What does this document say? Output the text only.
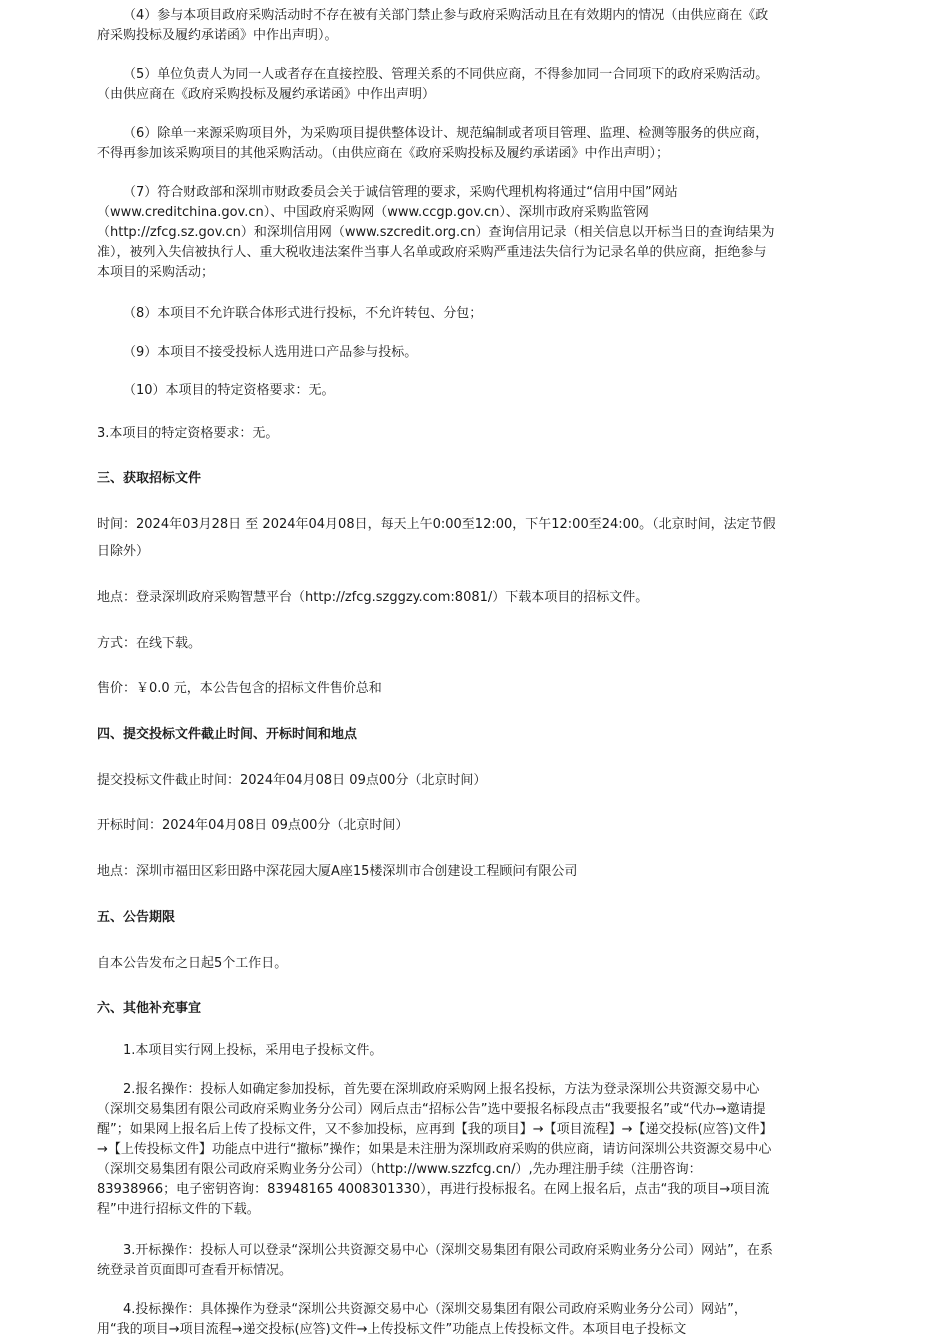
（4）参与本项目政府采购活动时不存在被有关部门禁止参与政府采购活动且在有效期内的情况（由供应商在《政府采购投标及履约承诺函》中作出声明）。
（5）单位负责人为同一人或者存在直接控股、管理关系的不同供应商，不得参加同一合同项下的政府采购活动。（由供应商在《政府采购投标及履约承诺函》中作出声明）
（6）除单一来源采购项目外，为采购项目提供整体设计、规范编制或者项目管理、监理、检测等服务的供应商，不得再参加该采购项目的其他采购活动。（由供应商在《政府采购投标及履约承诺函》中作出声明）；
（7）符合财政部和深圳市财政委员会关于诚信管理的要求，采购代理机构将通过“信用中国”网站（www.creditchina.gov.cn）、中国政府采购网（www.ccgp.gov.cn）、深圳市政府采购监管网（http://zfcg.sz.gov.cn）和深圳信用网（www.szcredit.org.cn）查询信用记录（相关信息以开标当日的查询结果为准），被列入失信被执行人、重大税收违法案件当事人名单或政府采购严重违法失信行为记录名单的供应商，拒绝参与本项目的采购活动；
（8）本项目不允许联合体形式进行投标，不允许转包、分包；
（9）本项目不接受投标人选用进口产品参与投标。
（10）本项目的特定资格要求：无。
3.本项目的特定资格要求：无。
三、获取招标文件
时间：2024年03月28日 至 2024年04月08日，每天上午0:00至12:00，下午12:00至24:00。（北京时间，法定节假日除外）
地点：登录深圳政府采购智慧平台（http://zfcg.szggzy.com:8081/）下载本项目的招标文件。
方式：在线下载。
售价：￥0.0 元，本公告包含的招标文件售价总和
四、提交投标文件截止时间、开标时间和地点
提交投标文件截止时间：2024年04月08日 09点00分（北京时间）
开标时间：2024年04月08日 09点00分（北京时间）
地点：深圳市福田区彩田路中深花园大厦A座15楼深圳市合创建设工程顾问有限公司
五、公告期限
自本公告发布之日起5个工作日。
六、其他补充事宜
1.本项目实行网上投标，采用电子投标文件。
2.报名操作：投标人如确定参加投标，首先要在深圳政府采购网上报名投标，方法为登录深圳公共资源交易中心（深圳交易集团有限公司政府采购业务分公司）网后点击“招标公告”选中要报名标段点击“我要报名”或“代办→邀请提醒”；如果网上报名后上传了投标文件，又不参加投标，应再到【我的项目】→【项目流程】→【递交投标(应答)文件】→【上传投标文件】功能点中进行“撤标”操作；如果是未注册为深圳政府采购的供应商，请访问深圳公共资源交易中心（深圳交易集团有限公司政府采购业务分公司）（http://www.szzfcg.cn/）,先办理注册手续（注册咨询：83938966；电子密钥咨询：83948165 4008301330），再进行投标报名。在网上报名后，点击“我的项目→项目流程”中进行招标文件的下载。
3.开标操作：投标人可以登录“深圳公共资源交易中心（深圳交易集团有限公司政府采购业务分公司）网站”，在系统登录首页面即可查看开标情况。
4.投标操作：具体操作为登录“深圳公共资源交易中心（深圳交易集团有限公司政府采购业务分公司）网站”，用“我的项目→项目流程→递交投标(应答)文件→上传投标文件”功能点上传投标文件。本项目电子投标文
